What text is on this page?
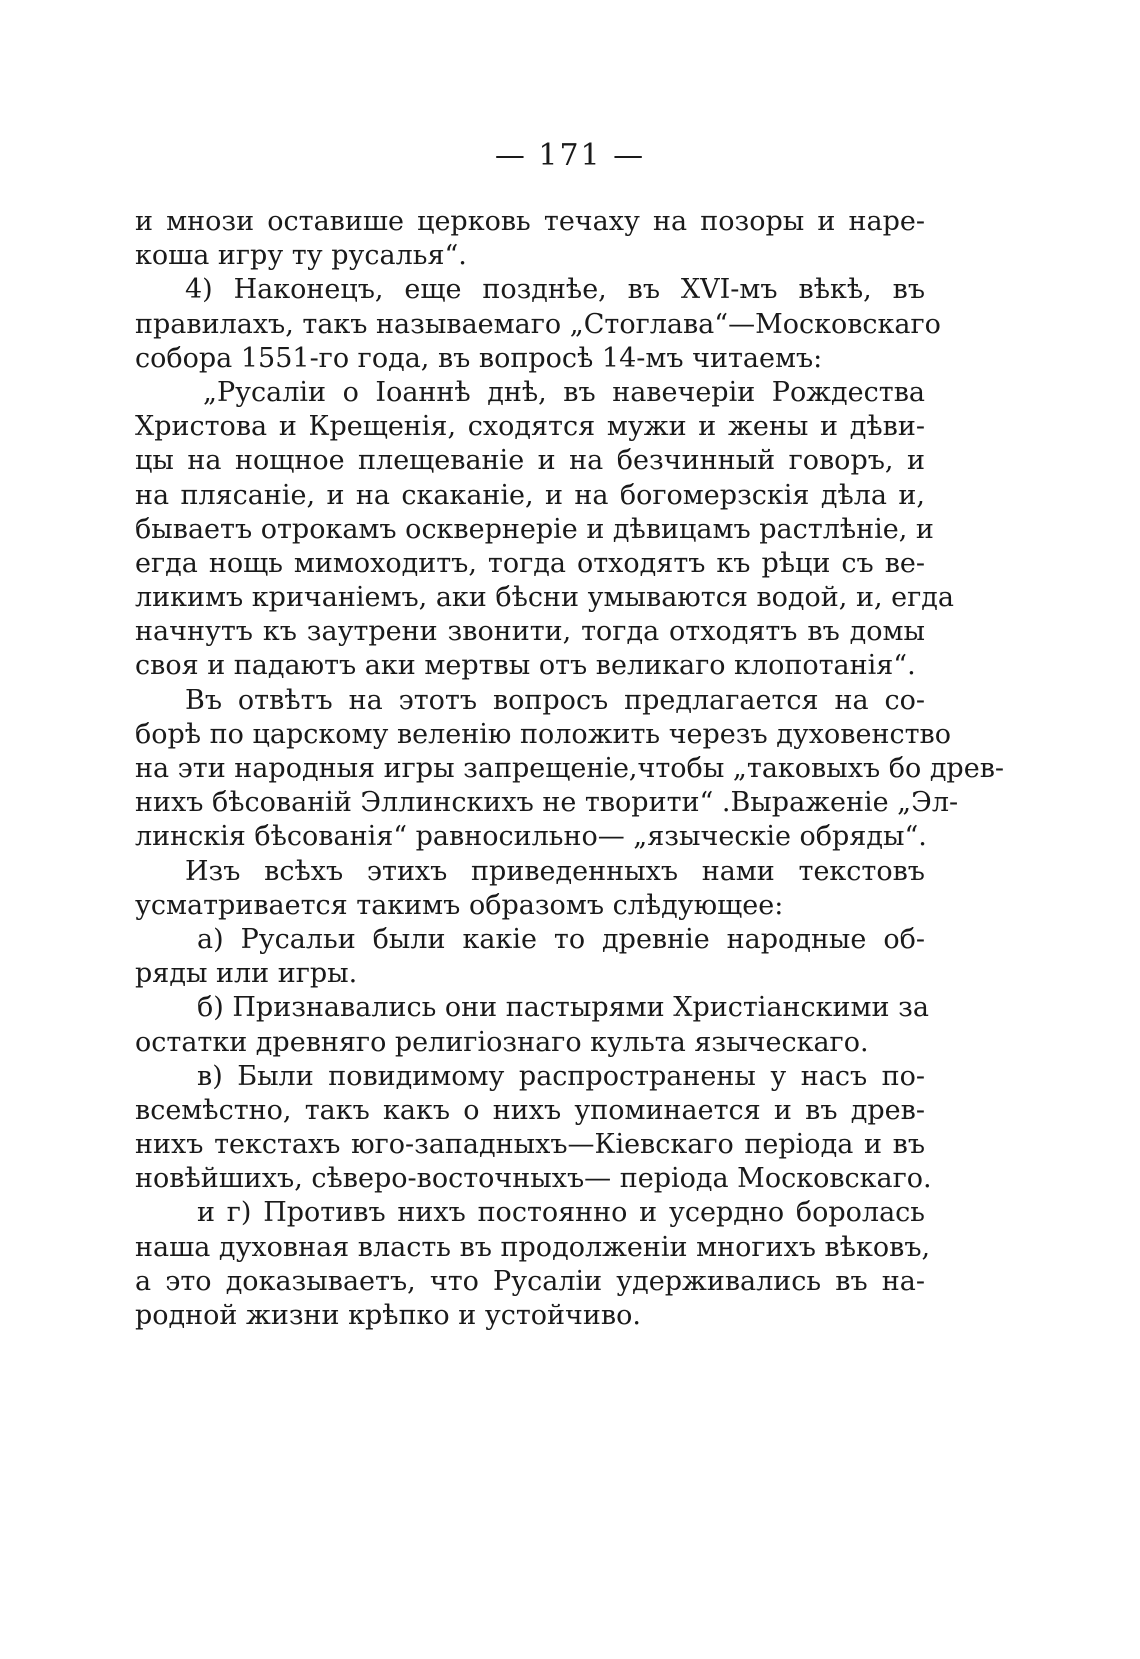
— 171 —
и мнози оставише церковь течаху на позоры и наре-
коша игру ту русалья“.
4) Наконецъ, еще позднѣе, въ XVI-мъ вѣкѣ, въ
правилахъ, такъ называемаго „Стоглава“—Московскаго
собора 1551-го года, въ вопросѣ 14-мъ читаемъ:
„Русаліи о Іоаннѣ днѣ, въ навечеріи Рождества
Христова и Крещенія, сходятся мужи и жены и дѣви-
цы на нощное плещеваніе и на безчинный говоръ, и
на плясаніе, и на скаканіе, и на богомерзскія дѣла и,
бываетъ отрокамъ осквернеріе и дѣвицамъ растлѣніе, и
егда нощь мимоходитъ, тогда отходятъ къ рѣци съ ве-
ликимъ кричаніемъ, аки бѣсни умываются водой, и, егда
начнутъ къ заутрени звонити, тогда отходятъ въ домы
своя и падаютъ аки мертвы отъ великаго клопотанія“.
Въ отвѣтъ на этотъ вопросъ предлагается на со-
борѣ по царскому веленію положить черезъ духовенство
на эти народныя игры запрещеніе,чтобы „таковыхъ бо древ-
нихъ бѣсованій Эллинскихъ не творити“ .Выраженіе „Эл-
линскія бѣсованія“ равносильно— „языческіе обряды“.
Изъ всѣхъ этихъ приведенныхъ нами текстовъ
усматривается такимъ образомъ слѣдующее:
а) Русальи были какіе то древніе народные об-
ряды или игры.
б) Признавались они пастырями Христіанскими за
остатки древняго религіознаго культа языческаго.
в) Были повидимому распространены у насъ по-
всемѣстно, такъ какъ о нихъ упоминается и въ древ-
нихъ текстахъ юго-западныхъ—Кіевскаго періода и въ
новѣйшихъ, сѣверо-восточныхъ— періода Московскаго.
и г) Противъ нихъ постоянно и усердно боролась
наша духовная власть въ продолженіи многихъ вѣковъ,
а это доказываетъ, что Русаліи удерживались въ на-
родной жизни крѣпко и устойчиво.
